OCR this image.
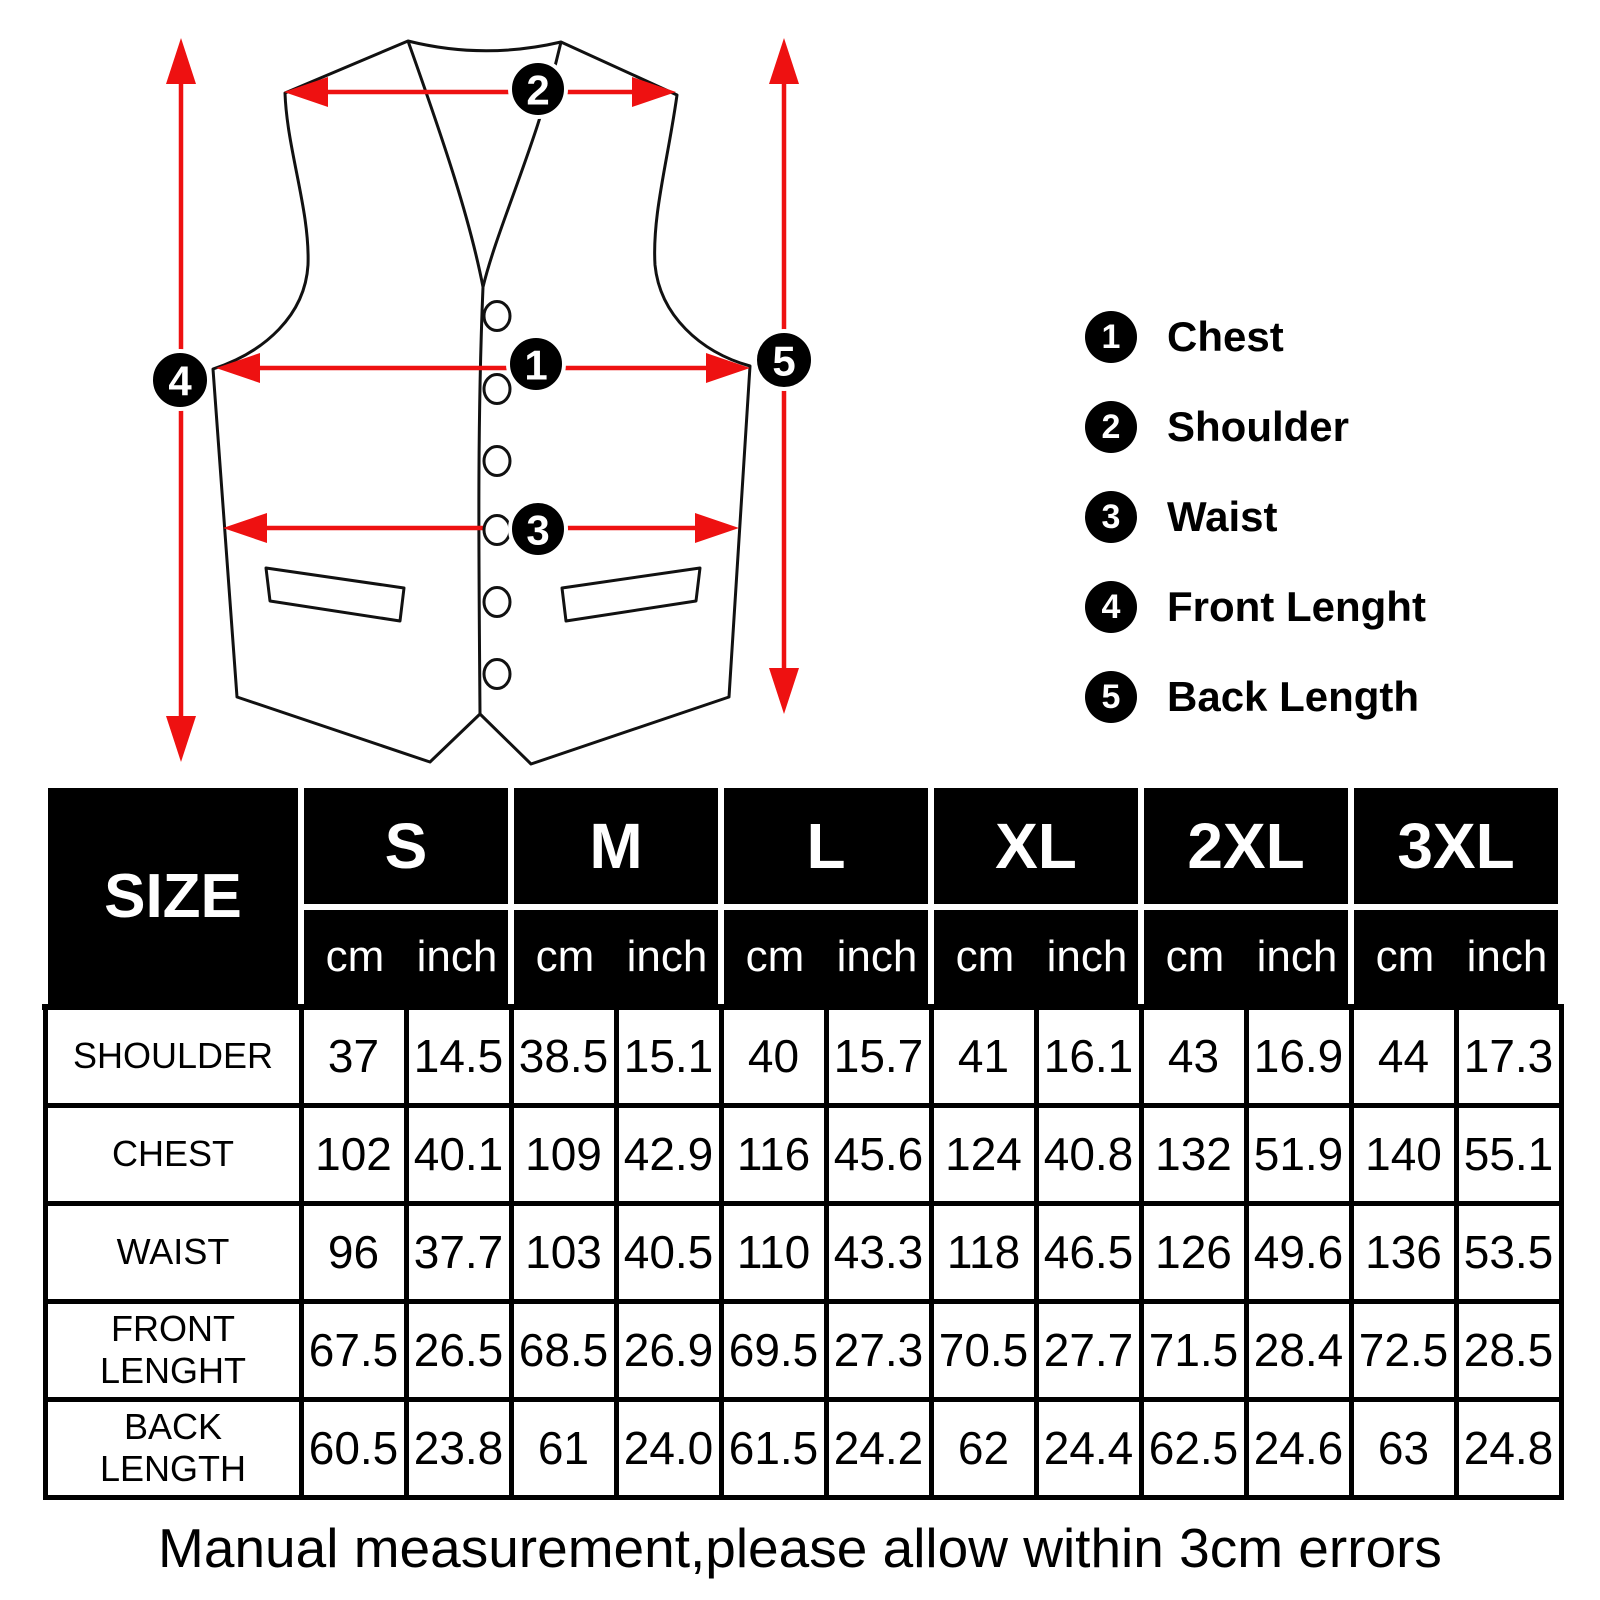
1
2
3
4	5
1	Chest
2	Shoulder
3	Waist
4	Front Lenght
5	Back Length
SIZE	S		M		L		XL		2XL		3XL	

	cm inch		cm inch		cm inch		cm inch		cm inch		cm inch	

SHOULDER	37	14.5	38.5	15.1	40	15.7	41	16.1	43	16.9	44	17.3
CHEST	102	40.1	109	42.9	116	45.6	124	40.8	132	51.9	140	55.1
WAIST	96	37.7	103	40.5	110	43.3	118	46.5	126	49.6	136	53.5
FRONT LENGHT	67.5	26.5	68.5	26.9	69.5	27.3	70.5	27.7	71.5	28.4	72.5	28.5
BACK LENGTH	60.5	23.8	61	24.0	61.5	24.2	62	24.4	62.5	24.6	63	24.8
Manual measurement,please allow within 3cm errors
